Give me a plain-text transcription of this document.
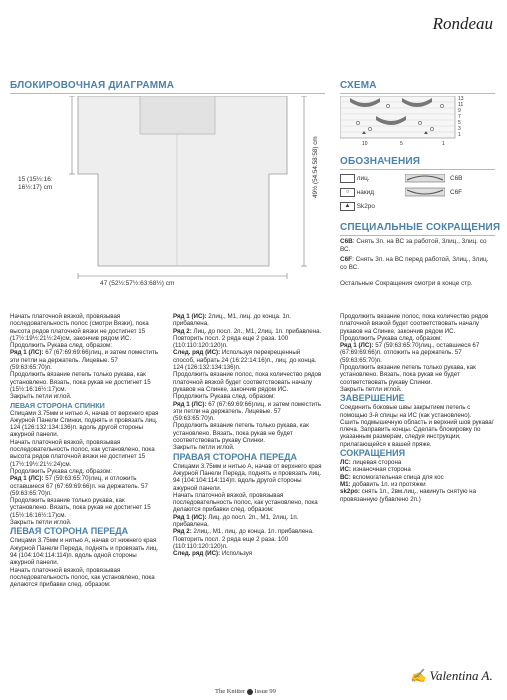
Rondeau
БЛОКИРОВОЧНАЯ ДИАГРАММА
15 (15½:16:
16½:17) cm	49½ (54:54:58:58) cm
47 (52½:57½:63:68½) cm
СХЕМА
13
11
9
7
5
3
1
10	5	1
ОБОЗНАЧЕНИЯ
лиц.
○ накид
▲ Sk2po
C6B
C6F
СПЕЦИАЛЬНЫЕ СОКРАЩЕНИЯ
C6B: Снять 3п. на ВС за работой, 3лиц., 3лиц. со ВС.
C6F: Снять 3п. на ВС перед работой, 3лиц., 3лиц. со ВС.
Остальные Сокращения смотри в конце стр.
Начать платочной вязкой, провязывая последовательность полос (смотри Вязки), пока высота рядов платочной вязки не достигнет 15 (17½:19½:21½:24)см, закончив рядом ИС.
Продолжить Рукава след. образом:
Ряд 1 (ЛС): 67 (67:69:69:66)лиц, и затем поместить эти петли на держатель. Лицевые. 57 (59:63:65:70)п.
Продолжить вязание петель только рукава, как установлено. Вязать, пока рукав не достигнет 15 (15½:16:16½:17)см.
Закрыть петли иглой.
ЛЕВАЯ СТОРОНА СПИНКИ
Спицами 3.75мм и нитью А, начав от верхнего края Ажурной Панели Спинки, поднять и провязать лиц. 124 (126:132:134:136)п. вдоль другой стороны ажурной панели.
Начать платочной вязкой, провязывая последовательность полос, как установлено, пока высота рядов платочной вязки не достигнет 15 (17½:19½:21½:24)см.
Продолжить Рукава след. образом:
Ряд 1 (ЛС): 57 (59:63:65:70)лиц, и отложить оставшиеся 67 (67:69:69:66)п. на держатель. 57 (59:63:65:70)п.
Продолжить вязание только рукава, как установлено. Вязать, пока рукав не достигнет 15 (15½:16:16½:17)см.
Закрыть петли иглой.
ЛЕВАЯ СТОРОНА ПЕРЕДА
Спицами 3.75мм и нитью А, начав от нижнего края Ажурной Панели Переда, поднять и провязать лиц. 94 (104:104:114:114)п. вдоль одной стороны ажурной панели.
Начать платочной вязкой, провязывая последовательность полос, как установлено, пока делаются прибавки след. образом:
Ряд 1 (ИС): 2лиц., М1, лиц. до конца. 1п. прибавлена.
Ряд 2: Лиц. до посл. 2п., М1, 2лиц. 1п. прибавлена.
Повторить посл. 2 ряда еще 2 раза. 100 (110:110:120:120)п.
След. ряд (ИС): Используя перекрещенный способ, набрать 24 (16:22:14:16)п., лиц. до конца. 124 (126:132:134:136)п.
Продолжить вязание полос, пока количество рядов платочной вязкой будет соответствовать началу рукавов на Спинке, закончив рядом ИС.
Продолжить Рукава след. образом:
Ряд 1 (ЛС): 67 (67:69:69:66)лиц, и затем поместить эти петли на держатель. Лицевые. 57 (59:63:65:70)п.
Продолжить вязание петель только рукава, как установлено. Вязать, пока рукав не будет соответствовать рукаву Спинки.
Закрыть петли иглой.
ПРАВАЯ СТОРОНА ПЕРЕДА
Спицами 3.75мм и нитью А, начав от верхнего края Ажурной Панели Переда, поднять и провязать лиц. 94 (104:104:114:114)п. вдоль другой стороны ажурной панели.
Начать платочной вязкой, провязывая последовательность полос, как установлено, пока делаются прибавки след. образом:
Ряд 1 (ИС): Лиц. до посл. 2п., М1, 2лиц. 1п. прибавлена.
Ряд 2: 2лиц., М1, лиц. до конца. 1п. прибавлена.
Повторить посл. 2 ряда еще 2 раза. 100 (110:110:120:120)п.
След. ряд (ИС): Используя
Продолжить вязание полос, пока количество рядов платочной вязкой будет соответствовать началу рукавов на Спинке, закончив рядом ИС.
Продолжить Рукава след. образом:
Ряд 1 (ЛС): 57 (59:63:65:70)лиц., оставшиеся 67 (67:69:69:66)п. отложить на держатель. 57 (59:63:65:70)п.
Продолжить вязание петель только рукава, как установлено. Вязать, пока рукав не будет соответствовать рукаву Спинки.
Закрыть петли иглой.
ЗАВЕРШЕНИЕ
Соединить боковые швы закрытием петель с помощью 3-й спицы на ИС (как установлено).
Сшить подмышечную область и верхний шов рукава/плеча. Заправить концы. Сделать блокировку по указанным размерам, следуя инструкции, прилагающейся к вашей пряже.
СОКРАЩЕНИЯ
ЛС: лицевая сторона
ИС: изнаночная сторона
ВС: вспомогательная спица для кос
М1: добавить 1п. из протяжки
sk2po: снять 1п., 2вм.лиц., накинуть снятую на провязанную (убавлено 2п.)
✍ Valentina A.
The Knitter Issue 99
